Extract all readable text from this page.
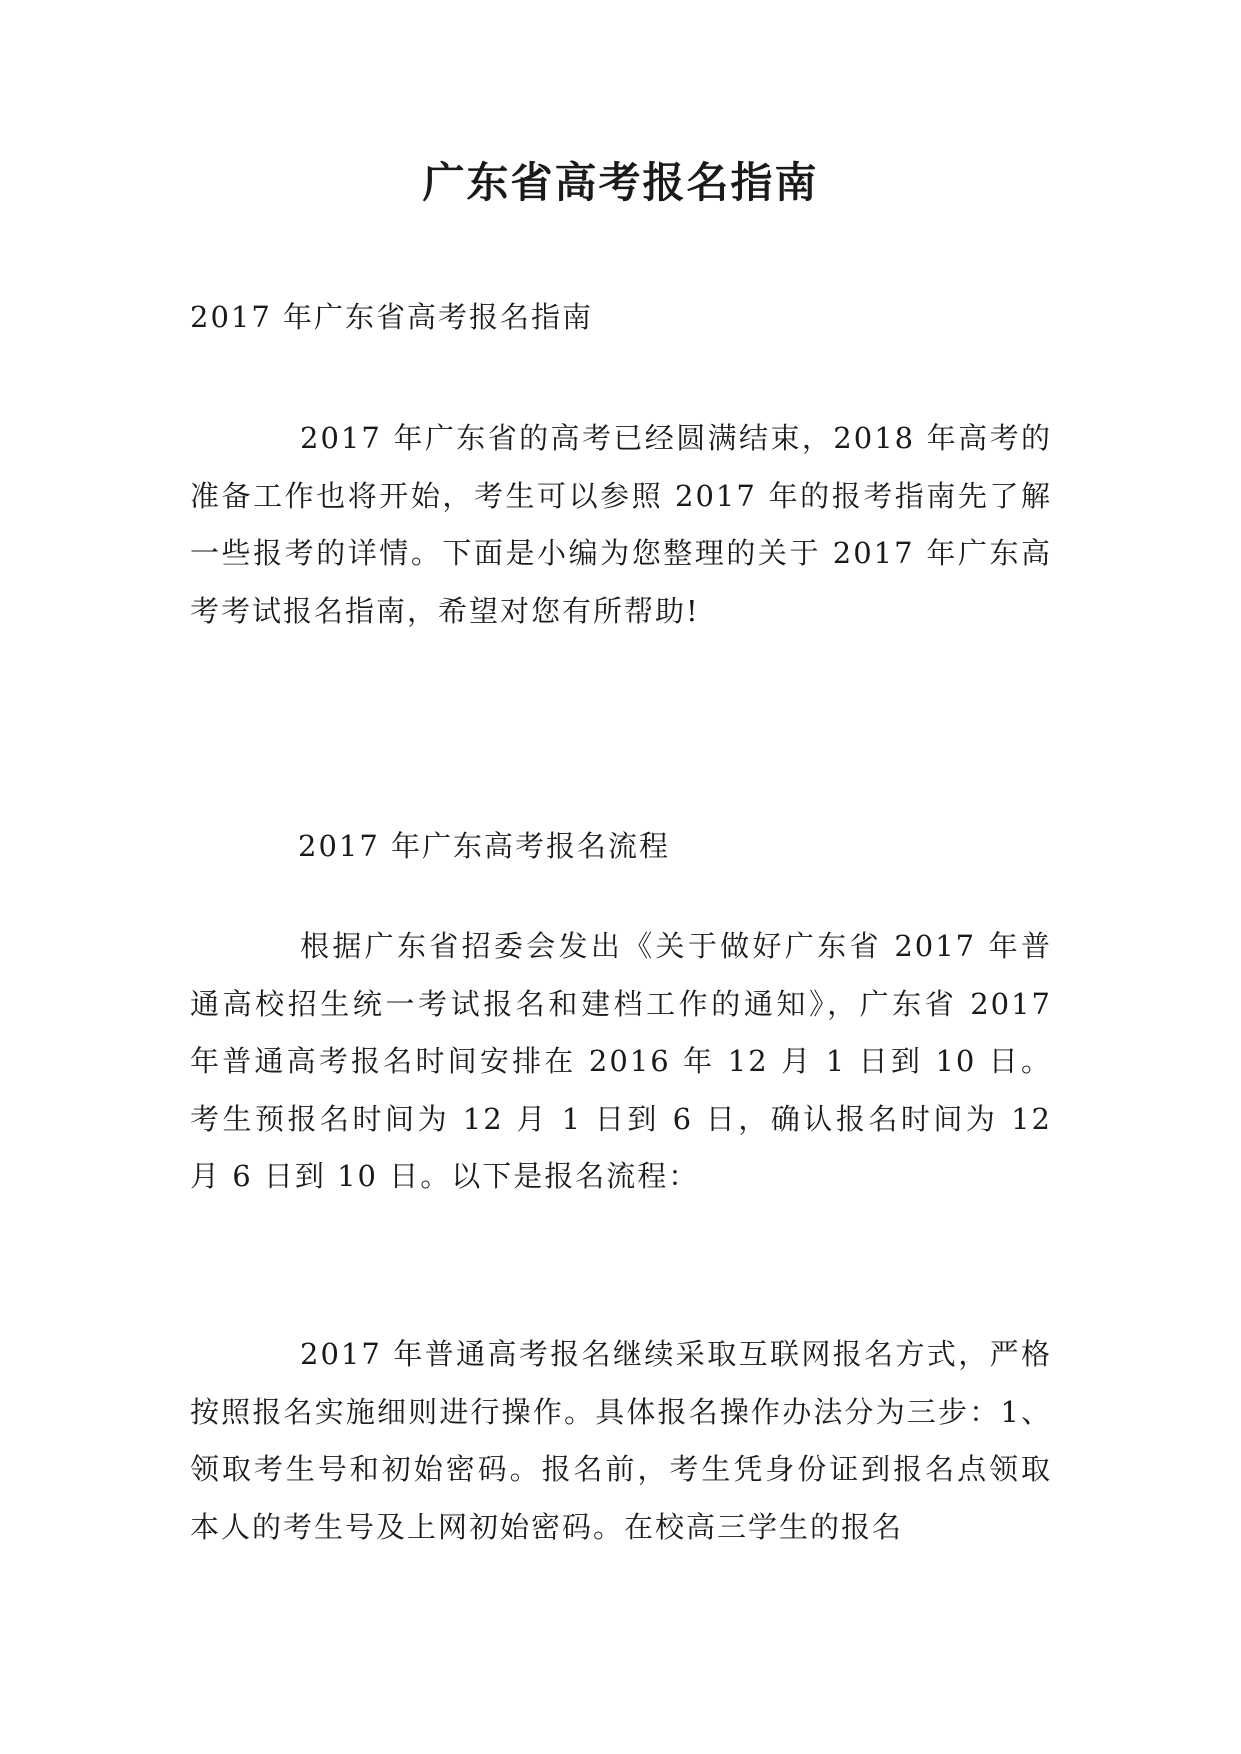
广东省高考报名指南

2017 年广东省高考报名指南

2017 年广东省的高考已经圆满结束，2018 年高考的准备工作也将开始，考生可以参照 2017 年的报考指南先了解一些报考的详情。下面是小编为您整理的关于 2017 年广东高考考试报名指南，希望对您有所帮助!

2017 年广东高考报名流程

根据广东省招委会发出《关于做好广东省 2017 年普通高校招生统一考试报名和建档工作的通知》，广东省 2017 年普通高考报名时间安排在 2016 年 12 月 1 日到 10 日。考生预报名时间为 12 月 1 日到 6 日，确认报名时间为 12 月 6 日到 10 日。以下是报名流程：

2017 年普通高考报名继续采取互联网报名方式，严格按照报名实施细则进行操作。具体报名操作办法分为三步：1、领取考生号和初始密码。报名前，考生凭身份证到报名点领取本人的考生号及上网初始密码。在校高三学生的报名
